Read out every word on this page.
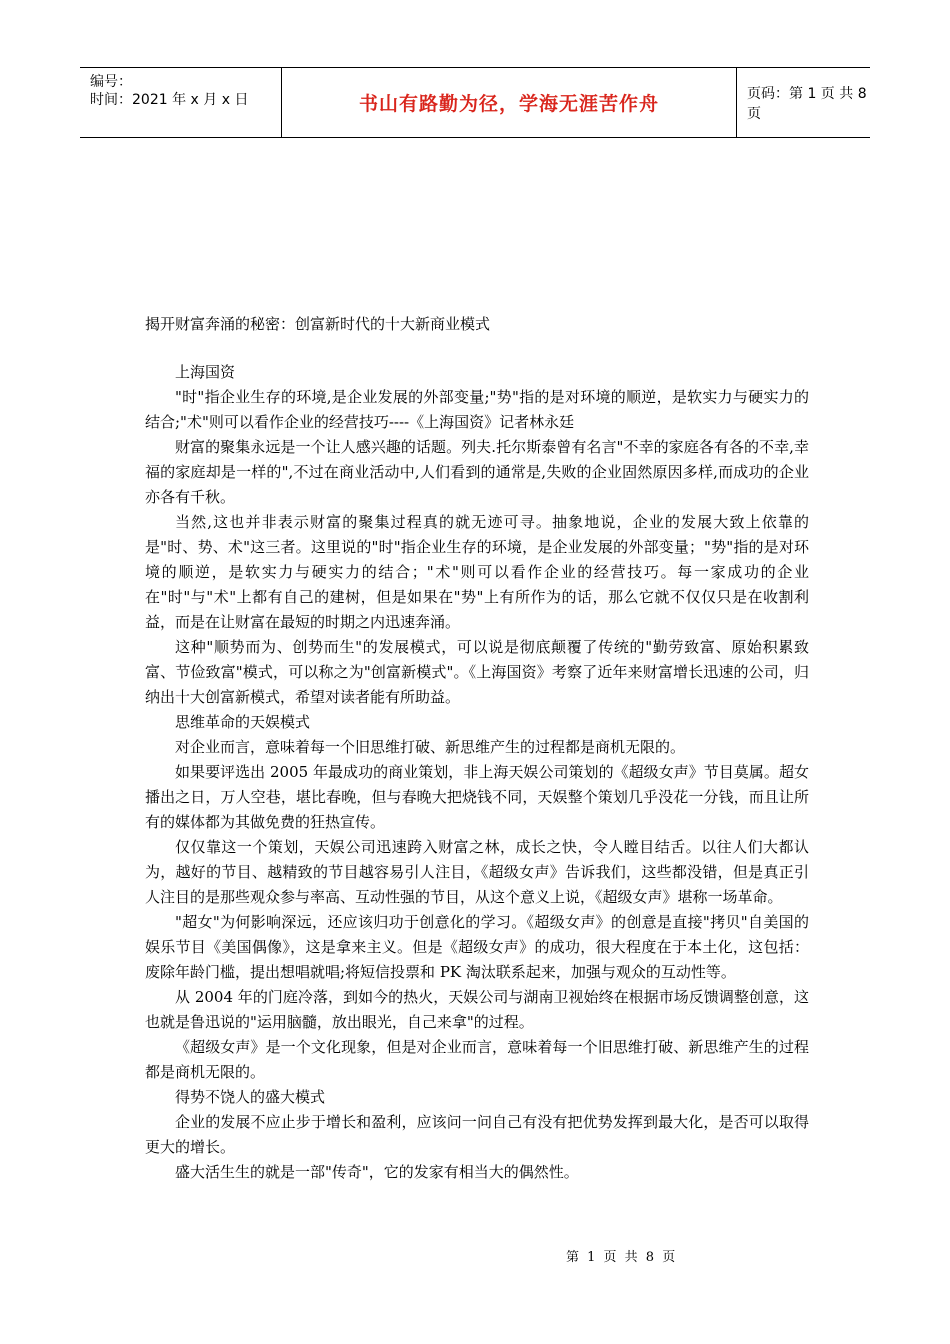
编号：
时间：2021 年 x 月 x 日	书山有路勤为径，学海无涯苦作舟	页码：第 1 页 共 8 页
揭开财富奔涌的秘密：创富新时代的十大新商业模式

上海国资

"时"指企业生存的环境,是企业发展的外部变量;"势"指的是对环境的顺逆，是软实力与硬实力的结合;"术"则可以看作企业的经营技巧----《上海国资》记者林永廷

财富的聚集永远是一个让人感兴趣的话题。列夫.托尔斯泰曾有名言"不幸的家庭各有各的不幸,幸福的家庭却是一样的",不过在商业活动中,人们看到的通常是,失败的企业固然原因多样,而成功的企业亦各有千秋。

当然,这也并非表示财富的聚集过程真的就无迹可寻。抽象地说，企业的发展大致上依靠的是"时、势、术"这三者。这里说的"时"指企业生存的环境，是企业发展的外部变量；"势"指的是对环境的顺逆，是软实力与硬实力的结合；"术"则可以看作企业的经营技巧。每一家成功的企业在"时"与"术"上都有自己的建树，但是如果在"势"上有所作为的话，那么它就不仅仅只是在收割利益，而是在让财富在最短的时期之内迅速奔涌。

这种"顺势而为、创势而生"的发展模式，可以说是彻底颠覆了传统的"勤劳致富、原始积累致富、节俭致富"模式，可以称之为"创富新模式"。《上海国资》考察了近年来财富增长迅速的公司，归纳出十大创富新模式，希望对读者能有所助益。

思维革命的天娱模式

对企业而言，意味着每一个旧思维打破、新思维产生的过程都是商机无限的。

如果要评选出 2005 年最成功的商业策划，非上海天娱公司策划的《超级女声》节目莫属。超女播出之日，万人空巷，堪比春晚，但与春晚大把烧钱不同，天娱整个策划几乎没花一分钱，而且让所有的媒体都为其做免费的狂热宣传。

仅仅靠这一个策划，天娱公司迅速跨入财富之林，成长之快，令人瞠目结舌。以往人们大都认为，越好的节目、越精致的节目越容易引人注目，《超级女声》告诉我们，这些都没错，但是真正引人注目的是那些观众参与率高、互动性强的节目，从这个意义上说，《超级女声》堪称一场革命。

"超女"为何影响深远，还应该归功于创意化的学习。《超级女声》的创意是直接"拷贝"自美国的娱乐节目《美国偶像》，这是拿来主义。但是《超级女声》的成功，很大程度在于本土化，这包括：废除年龄门槛，提出想唱就唱;将短信投票和 PK 淘汰联系起来，加强与观众的互动性等。

从 2004 年的门庭冷落，到如今的热火，天娱公司与湖南卫视始终在根据市场反馈调整创意，这也就是鲁迅说的"运用脑髓，放出眼光，自己来拿"的过程。

《超级女声》是一个文化现象，但是对企业而言，意味着每一个旧思维打破、新思维产生的过程都是商机无限的。

得势不饶人的盛大模式

企业的发展不应止步于增长和盈利，应该问一问自己有没有把优势发挥到最大化，是否可以取得更大的增长。

盛大活生生的就是一部"传奇"，它的发家有相当大的偶然性。

第 1 页 共 8 页
